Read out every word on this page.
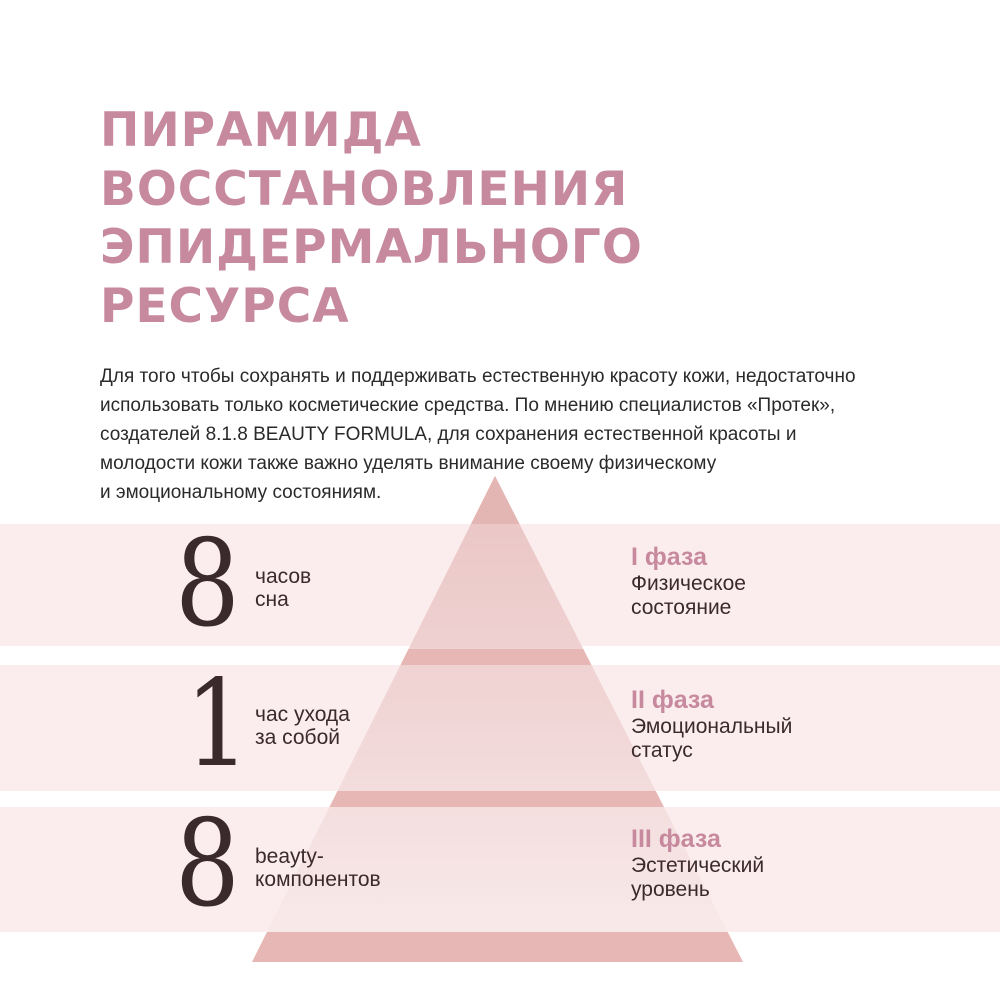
ПИРАМИДА
ВОССТАНОВЛЕНИЯ
ЭПИДЕРМАЛЬНОГО
РЕСУРСА

Для того чтобы сохранять и поддерживать естественную красоту кожи, недостаточно
использовать только косметические средства. По мнению специалистов «Протек»,
создателей 8.1.8 BEAUTY FORMULA, для сохранения естественной красоты и
молодости кожи также важно уделять внимание своему физическому
и эмоциональному состояниям.

8 часов
сна
I фаза
Физическое
состояние
1 час ухода
за собой
II фаза
Эмоциональный
статус
8 beayty-
компонентов
III фаза
Эстетический
уровень
